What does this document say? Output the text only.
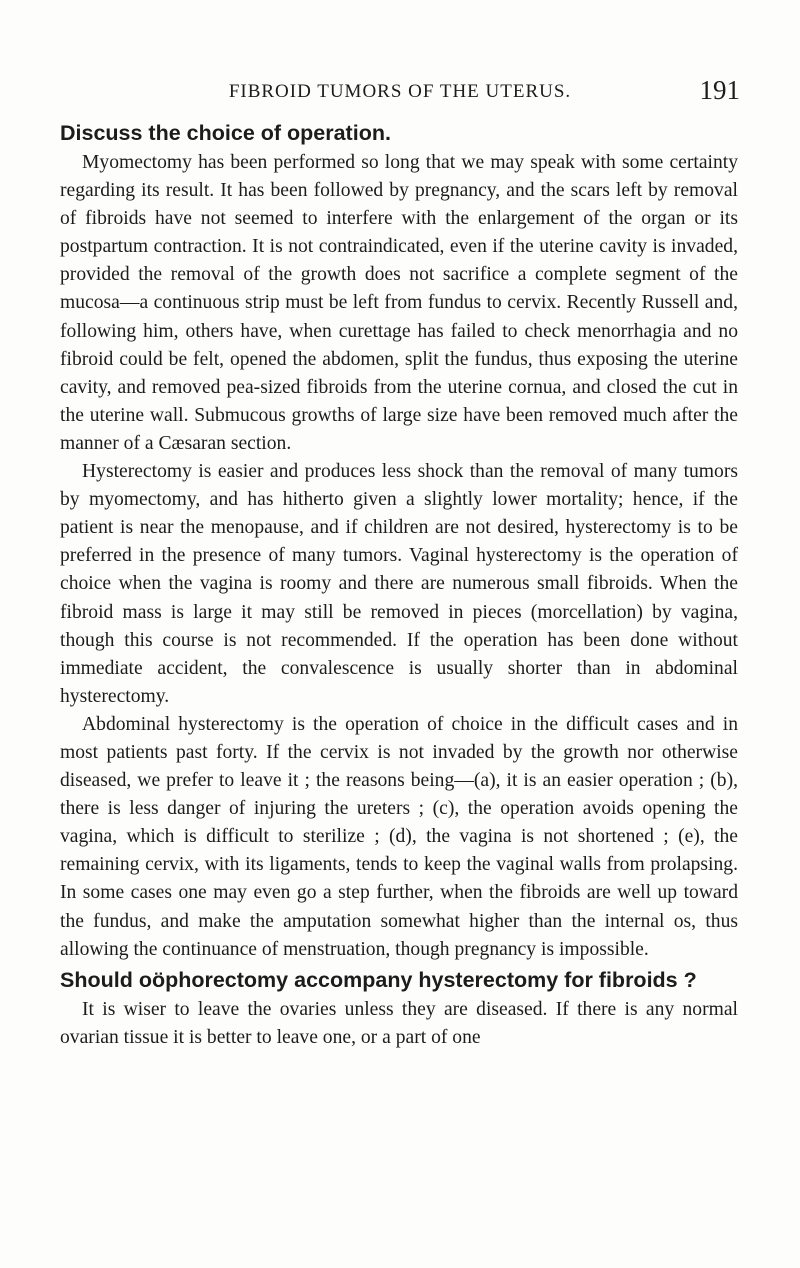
FIBROID TUMORS OF THE UTERUS.	191
Discuss the choice of operation.

Myomectomy has been performed so long that we may speak with some certainty regarding its result. It has been followed by pregnancy, and the scars left by removal of fibroids have not seemed to interfere with the enlargement of the organ or its postpartum contraction. It is not contraindicated, even if the uterine cavity is invaded, provided the removal of the growth does not sacrifice a complete segment of the mucosa—a continuous strip must be left from fundus to cervix. Recently Russell and, following him, others have, when curettage has failed to check menorrhagia and no fibroid could be felt, opened the abdomen, split the fundus, thus exposing the uterine cavity, and removed pea-sized fibroids from the uterine cornua, and closed the cut in the uterine wall. Submucous growths of large size have been removed much after the manner of a Cæsaran section.

Hysterectomy is easier and produces less shock than the removal of many tumors by myomectomy, and has hitherto given a slightly lower mortality; hence, if the patient is near the menopause, and if children are not desired, hysterectomy is to be preferred in the presence of many tumors. Vaginal hysterectomy is the operation of choice when the vagina is roomy and there are numerous small fibroids. When the fibroid mass is large it may still be removed in pieces (morcellation) by vagina, though this course is not recommended. If the operation has been done without immediate accident, the convalescence is usually shorter than in abdominal hysterectomy.

Abdominal hysterectomy is the operation of choice in the difficult cases and in most patients past forty. If the cervix is not invaded by the growth nor otherwise diseased, we prefer to leave it ; the reasons being—(a), it is an easier operation ; (b), there is less danger of injuring the ureters ; (c), the operation avoids opening the vagina, which is difficult to sterilize ; (d), the vagina is not shortened ; (e), the remaining cervix, with its ligaments, tends to keep the vaginal walls from prolapsing. In some cases one may even go a step further, when the fibroids are well up toward the fundus, and make the amputation somewhat higher than the internal os, thus allowing the continuance of menstruation, though pregnancy is impossible.

Should oöphorectomy accompany hysterectomy for fibroids ?

It is wiser to leave the ovaries unless they are diseased. If there is any normal ovarian tissue it is better to leave one, or a part of one
